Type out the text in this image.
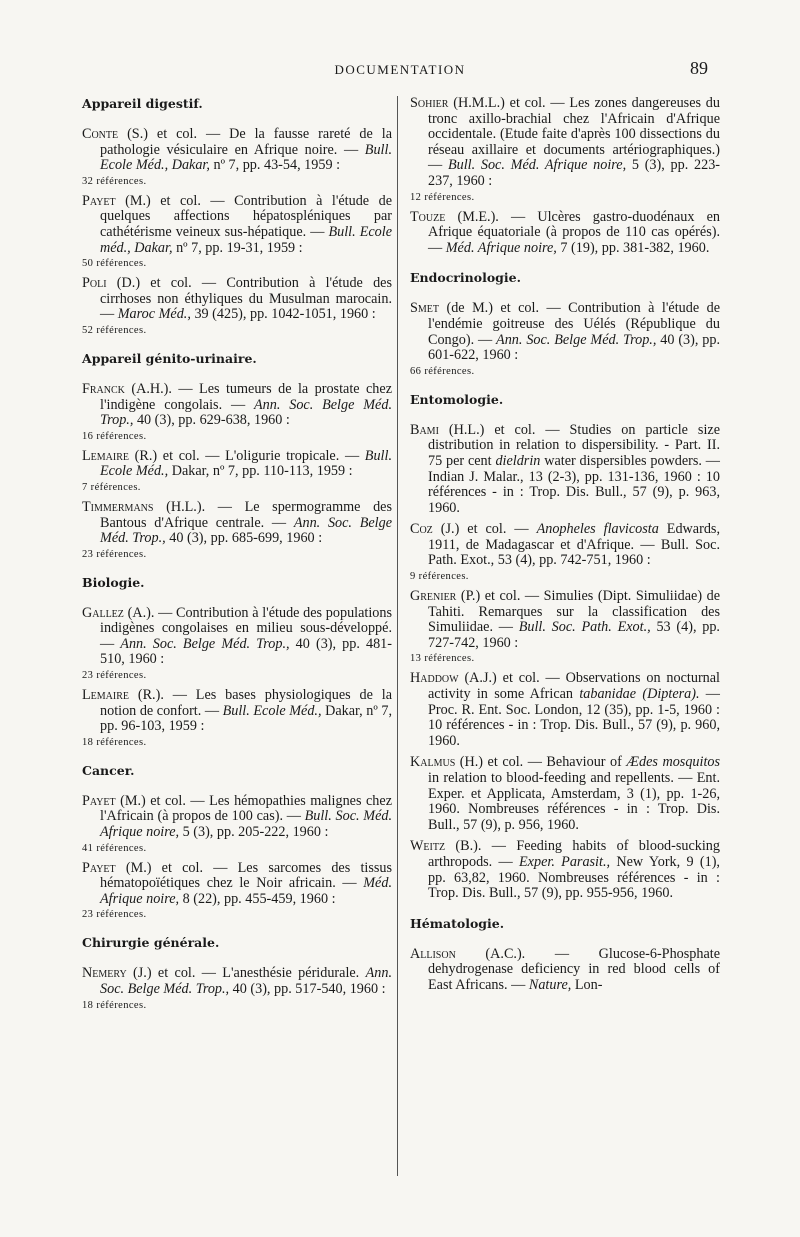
DOCUMENTATION	89
Appareil digestif.
Conte (S.) et col. — De la fausse rareté de la pathologie vésiculaire en Afrique noire. — Bull. Ecole Méd., Dakar, nº 7, pp. 43-54, 1959 :
32 références.
Payet (M.) et col. — Contribution à l'étude de quelques affections hépatospléniques par cathétérisme veineux sus-hépatique. — Bull. Ecole méd., Dakar, nº 7, pp. 19-31, 1959 :
50 références.
Poli (D.) et col. — Contribution à l'étude des cirrhoses non éthyliques du Musulman marocain. — Maroc Méd., 39 (425), pp. 1042-1051, 1960 :
52 références.
Appareil génito-urinaire.
Franck (A.H.). — Les tumeurs de la prostate chez l'indigène congolais. — Ann. Soc. Belge Méd. Trop., 40 (3), pp. 629-638, 1960 :
16 références.
Lemaire (R.) et col. — L'oligurie tropicale. — Bull. Ecole Méd., Dakar, nº 7, pp. 110-113, 1959 :
7 références.
Timmermans (H.L.). — Le spermogramme des Bantous d'Afrique centrale. — Ann. Soc. Belge Méd. Trop., 40 (3), pp. 685-699, 1960 :
23 références.
Biologie.
Gallez (A.). — Contribution à l'étude des populations indigènes congolaises en milieu sous-développé. — Ann. Soc. Belge Méd. Trop., 40 (3), pp. 481-510, 1960 :
23 références.
Lemaire (R.). — Les bases physiologiques de la notion de confort. — Bull. Ecole Méd., Dakar, nº 7, pp. 96-103, 1959 :
18 références.
Cancer.
Payet (M.) et col. — Les hémopathies malignes chez l'Africain (à propos de 100 cas). — Bull. Soc. Méd. Afrique noire, 5 (3), pp. 205-222, 1960 :
41 références.
Payet (M.) et col. — Les sarcomes des tissus hématopoïétiques chez le Noir africain. — Méd. Afrique noire, 8 (22), pp. 455-459, 1960 :
23 références.
Chirurgie générale.
Nemery (J.) et col. — L'anesthésie péridurale. Ann. Soc. Belge Méd. Trop., 40 (3), pp. 517-540, 1960 :
18 références.
Sohier (H.M.L.) et col. — Les zones dangereuses du tronc axillo-brachial chez l'Africain d'Afrique occidentale. (Etude faite d'après 100 dissections du réseau axillaire et documents artériographiques.) — Bull. Soc. Méd. Afrique noire, 5 (3), pp. 223-237, 1960 :
12 références.
Touze (M.E.). — Ulcères gastro-duodénaux en Afrique équatoriale (à propos de 110 cas opérés). — Méd. Afrique noire, 7 (19), pp. 381-382, 1960.
Endocrinologie.
Smet (de M.) et col. — Contribution à l'étude de l'endémie goitreuse des Uélés (République du Congo). — Ann. Soc. Belge Méd. Trop., 40 (3), pp. 601-622, 1960 :
66 références.
Entomologie.
Bami (H.L.) et col. — Studies on particle size distribution in relation to dispersibility. - Part. II. 75 per cent dieldrin water dispersibles powders. — Indian J. Malar., 13 (2-3), pp. 131-136, 1960 : 10 références - in : Trop. Dis. Bull., 57 (9), p. 963, 1960.
Coz (J.) et col. — Anopheles flavicosta Edwards, 1911, de Madagascar et d'Afrique. — Bull. Soc. Path. Exot., 53 (4), pp. 742-751, 1960 :
9 références.
Grenier (P.) et col. — Simulies (Dipt. Simuliidae) de Tahiti. Remarques sur la classification des Simuliidae. — Bull. Soc. Path. Exot., 53 (4), pp. 727-742, 1960 :
13 références.
Haddow (A.J.) et col. — Observations on nocturnal activity in some African tabanidae (Diptera). — Proc. R. Ent. Soc. London, 12 (35), pp. 1-5, 1960 : 10 références - in : Trop. Dis. Bull., 57 (9), p. 960, 1960.
Kalmus (H.) et col. — Behaviour of Ædes mosquitos in relation to blood-feeding and repellents. — Ent. Exper. et Applicata, Amsterdam, 3 (1), pp. 1-26, 1960. Nombreuses références - in : Trop. Dis. Bull., 57 (9), p. 956, 1960.
Weitz (B.). — Feeding habits of blood-sucking arthropods. — Exper. Parasit., New York, 9 (1), pp. 63,82, 1960. Nombreuses références - in : Trop. Dis. Bull., 57 (9), pp. 955-956, 1960.
Hématologie.
Allison (A.C.). — Glucose-6-Phosphate dehydrogenase deficiency in red blood cells of East Africans. — Nature, Lon-
